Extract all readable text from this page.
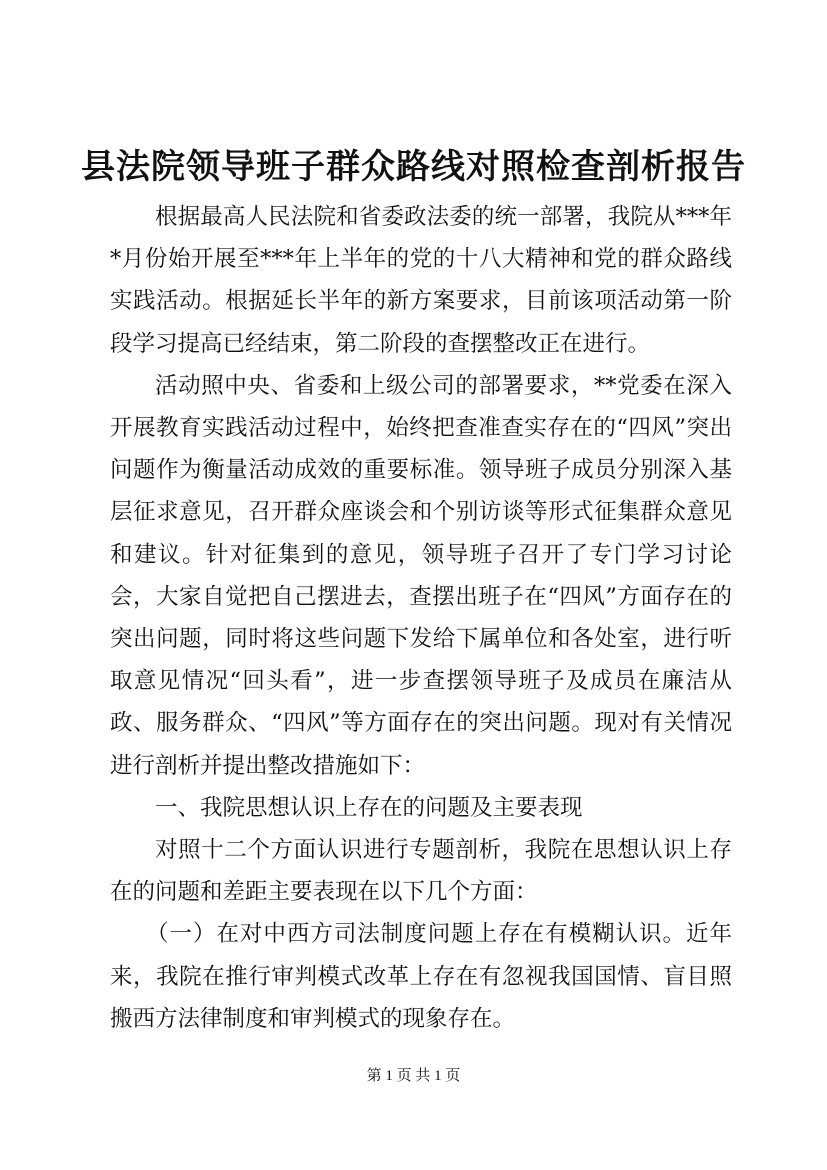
县法院领导班子群众路线对照检查剖析报告

根据最高人民法院和省委政法委的统一部署，我院从***年*月份始开展至***年上半年的党的十八大精神和党的群众路线实践活动。根据延长半年的新方案要求，目前该项活动第一阶段学习提高已经结束，第二阶段的查摆整改正在进行。

活动照中央、省委和上级公司的部署要求，**党委在深入开展教育实践活动过程中，始终把查准查实存在的“四风”突出问题作为衡量活动成效的重要标准。领导班子成员分别深入基层征求意见，召开群众座谈会和个别访谈等形式征集群众意见和建议。针对征集到的意见，领导班子召开了专门学习讨论会，大家自觉把自己摆进去，查摆出班子在“四风”方面存在的突出问题，同时将这些问题下发给下属单位和各处室，进行听取意见情况“回头看”，进一步查摆领导班子及成员在廉洁从政、服务群众、“四风”等方面存在的突出问题。现对有关情况进行剖析并提出整改措施如下：

一、我院思想认识上存在的问题及主要表现

对照十二个方面认识进行专题剖析，我院在思想认识上存在的问题和差距主要表现在以下几个方面：

（一）在对中西方司法制度问题上存在有模糊认识。近年来，我院在推行审判模式改革上存在有忽视我国国情、盲目照搬西方法律制度和审判模式的现象存在。

第 1 页 共 1 页
